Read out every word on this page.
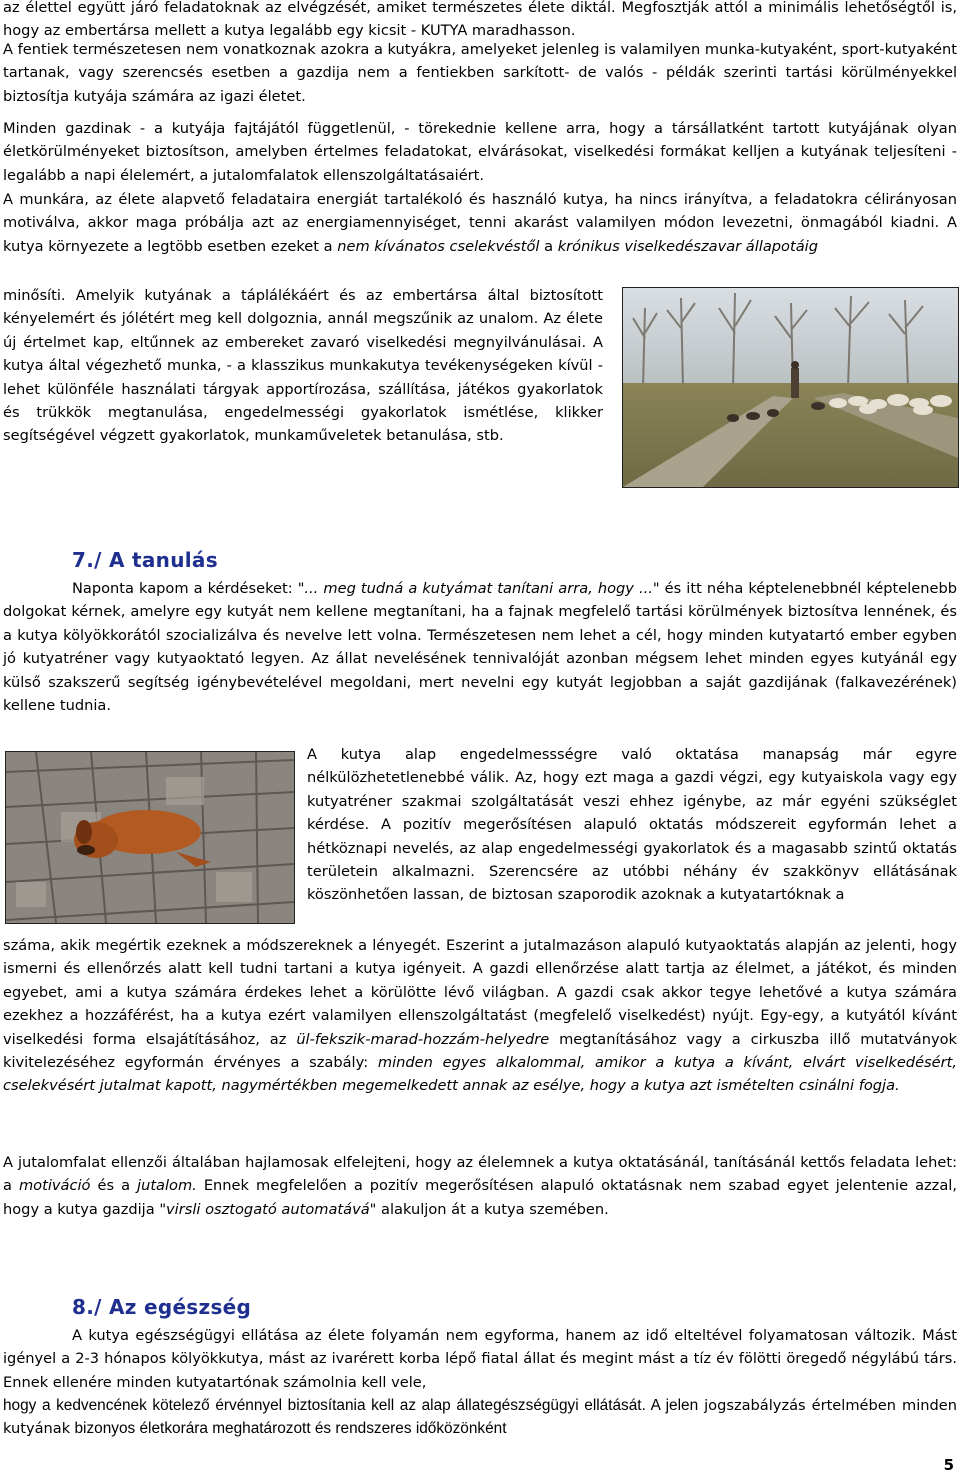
az élettel együtt járó feladatoknak az elvégzését, amiket természetes élete diktál. Megfosztják attól a minimális lehetőségtől is, hogy az embertársa mellett a kutya legalább egy kicsit - KUTYA maradhasson.

A fentiek természetesen nem vonatkoznak azokra a kutyákra, amelyeket jelenleg is valamilyen munka-kutyaként, sport-kutyaként tartanak, vagy szerencsés esetben a gazdija nem a fentiekben sarkított- de valós - példák szerinti tartási körülményekkel biztosítja kutyája számára az igazi életet.

Minden gazdinak - a kutyája fajtájától függetlenül, - törekednie kellene arra, hogy a társállatként tartott kutyájának olyan életkörülményeket biztosítson, amelyben értelmes feladatokat, elvárásokat, viselkedési formákat kelljen a kutyának teljesíteni - legalább a napi élelemért, a jutalomfalatok ellenszolgáltatásaiért.

A munkára, az élete alapvető feladataira energiát tartalékoló és használó kutya, ha nincs irányítva, a feladatokra célirányosan motiválva, akkor maga próbálja azt az energiamennyiséget, tenni akarást valamilyen módon levezetni, önmagából kiadni. A kutya környezete a legtöbb esetben ezeket a nem kívánatos cselekvéstől a krónikus viselkedészavar állapotáig

minősíti. Amelyik kutyának a táplálékáért és az embertársa által biztosított kényelemért és jólétért meg kell dolgoznia, annál megszűnik az unalom. Az élete új értelmet kap, eltűnnek az embereket zavaró viselkedési megnyilvánulásai. A kutya által végezhető munka, - a klasszikus munkakutya tevékenységeken kívül - lehet különféle használati tárgyak apportírozása, szállítása, játékos gyakorlatok és trükkök megtanulása, engedelmességi gyakorlatok ismétlése, klikker segítségével végzett gyakorlatok, munkaműveletek betanulása, stb.

7./ A tanulás

Naponta kapom a kérdéseket: "... meg tudná a kutyámat tanítani arra, hogy ..." és itt néha képtelenebbnél képtelenebb dolgokat kérnek, amelyre egy kutyát nem kellene megtanítani, ha a fajnak megfelelő tartási körülmények biztosítva lennének, és a kutya kölyökkorától szocializálva és nevelve lett volna. Természetesen nem lehet a cél, hogy minden kutyatartó ember egyben jó kutyatréner vagy kutyaoktató legyen. Az állat nevelésének tennivalóját azonban mégsem lehet minden egyes kutyánál egy külső szakszerű segítség igénybevételével megoldani, mert nevelni egy kutyát legjobban a saját gazdijának (falkavezérének) kellene tudnia.

A kutya alap engedelmessségre való oktatása manapság már egyre nélkülözhetetlenebbé válik. Az, hogy ezt maga a gazdi végzi, egy kutyaiskola vagy egy kutyatréner szakmai szolgáltatását veszi ehhez igénybe, az már egyéni szükséglet kérdése. A pozitív megerősítésen alapuló oktatás módszereit egyformán lehet a hétköznapi nevelés, az alap engedelmességi gyakorlatok és a magasabb szintű oktatás területein alkalmazni. Szerencsére az utóbbi néhány év szakkönyv ellátásának köszönhetően lassan, de biztosan szaporodik azoknak a kutyatartóknak a

száma, akik megértik ezeknek a módszereknek a lényegét. Eszerint a jutalmazáson alapuló kutyaoktatás alapján az jelenti, hogy ismerni és ellenőrzés alatt kell tudni tartani a kutya igényeit. A gazdi ellenőrzése alatt tartja az élelmet, a játékot, és minden egyebet, ami a kutya számára érdekes lehet a körülötte lévő világban. A gazdi csak akkor tegye lehetővé a kutya számára ezekhez a hozzáférést, ha a kutya ezért valamilyen ellenszolgáltatást (megfelelő viselkedést) nyújt. Egy-egy, a kutyától kívánt viselkedési forma elsajátításához, az ül-fekszik-marad-hozzám-helyedre megtanításához vagy a cirkuszba illő mutatványok kivitelezéséhez egyformán érvényes a szabály: minden egyes alkalommal, amikor a kutya a kívánt, elvárt viselkedésért, cselekvésért jutalmat kapott, nagymértékben megemelkedett annak az esélye, hogy a kutya azt ismételten csinálni fogja.

A jutalomfalat ellenzői általában hajlamosak elfelejteni, hogy az élelemnek a kutya oktatásánál, tanításánál kettős feladata lehet: a motiváció és a jutalom. Ennek megfelelően a pozitív megerősítésen alapuló oktatásnak nem szabad egyet jelentenie azzal, hogy a kutya gazdija "virsli osztogató automatává" alakuljon át a kutya szemében.

8./ Az egészség

A kutya egészségügyi ellátása az élete folyamán nem egyforma, hanem az idő elteltével folyamatosan változik. Mást igényel a 2-3 hónapos kölyökkutya, mást az ivarérett korba lépő fiatal állat és megint mást a tíz év fölötti öregedő négylábú társ. Ennek ellenére minden kutyatartónak számolnia kell vele,

hogy a kedvencének kötelező érvénnyel biztosítania kell az alap állategészségügyi ellátását. A jelen jogszabályzás értelmében minden kutyának bizonyos életkorára meghatározott és rendszeres időközönként

5
